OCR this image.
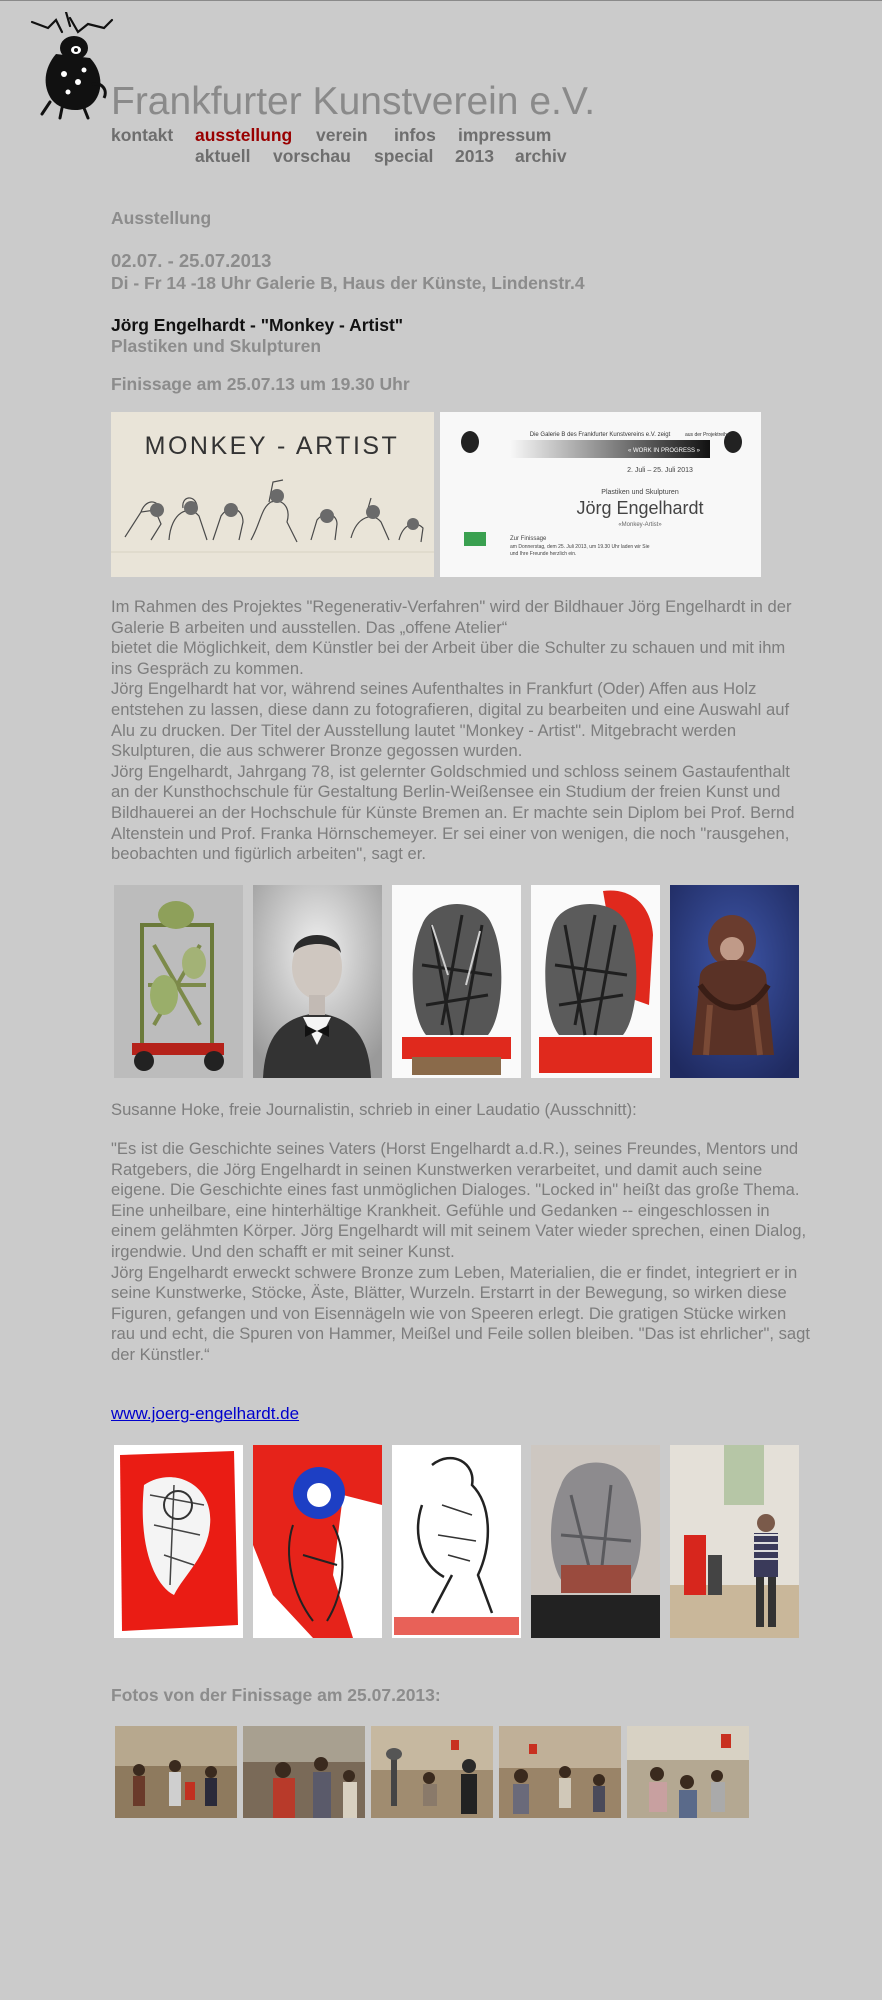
Frankfurter Kunstverein e.V.
kontakt ausstellung verein infos impressum
aktuell vorschau special 2013 archiv
Ausstellung

02.07. - 25.07.2013

Di - Fr 14 -18 Uhr Galerie B, Haus der Künste, Lindenstr.4

Jörg Engelhardt - "Monkey - Artist"

Plastiken und Skulpturen

Finissage am 25.07.13 um 19.30 Uhr

MONKEY - ARTIST	Die Galerie B des Frankfurter Kunstvereins e.V. zeigt	aus der Projektreihe
« WORK IN PROGRESS »
2. Juli – 25. Juli 2013
Plastiken und Skulpturen
Jörg Engelhardt
«Monkey-Artist»
Zur Finissage
am Donnerstag, dem 25. Juli 2013, um 19.30 Uhr laden wir Sie
und Ihre Freunde herzlich ein.

Im Rahmen des Projektes "Regenerativ-Verfahren" wird der Bildhauer Jörg Engelhardt in der Galerie B arbeiten und ausstellen. Das „offene Atelier“

bietet die Möglichkeit, dem Künstler bei der Arbeit über die Schulter zu schauen und mit ihm ins Gespräch zu kommen.

Jörg Engelhardt hat vor, während seines Aufenthaltes in Frankfurt (Oder) Affen aus Holz entstehen zu lassen, diese dann zu fotografieren, digital zu bearbeiten und eine Auswahl auf Alu zu drucken. Der Titel der Ausstellung lautet "Monkey - Artist". Mitgebracht werden Skulpturen, die aus schwerer Bronze gegossen wurden.

Jörg Engelhardt, Jahrgang 78, ist gelernter Goldschmied und schloss seinem Gastaufenthalt an der Kunsthochschule für Gestaltung Berlin-Weißensee ein Studium der freien Kunst und Bildhauerei an der Hochschule für Künste Bremen an. Er machte sein Diplom bei Prof. Bernd Altenstein und Prof. Franka Hörnschemeyer. Er sei einer von wenigen, die noch "rausgehen, beobachten und figürlich arbeiten", sagt er.

Susanne Hoke, freie Journalistin, schrieb in einer Laudatio (Ausschnitt):

"Es ist die Geschichte seines Vaters (Horst Engelhardt a.d.R.), seines Freundes, Mentors und Ratgebers, die Jörg Engelhardt in seinen Kunstwerken verarbeitet, und damit auch seine eigene. Die Geschichte eines fast unmöglichen Dialoges. "Locked in" heißt das große Thema. Eine unheilbare, eine hinterhältige Krankheit. Gefühle und Gedanken -- eingeschlossen in einem gelähmten Körper. Jörg Engelhardt will mit seinem Vater wieder sprechen, einen Dialog, irgendwie. Und den schafft er mit seiner Kunst.

Jörg Engelhardt erweckt schwere Bronze zum Leben, Materialien, die er findet, integriert er in seine Kunstwerke, Stöcke, Äste, Blätter, Wurzeln. Erstarrt in der Bewegung, so wirken diese Figuren, gefangen und von Eisennägeln wie von Speeren erlegt. Die gratigen Stücke wirken rau und echt, die Spuren von Hammer, Meißel und Feile sollen bleiben. "Das ist ehrlicher", sagt der Künstler.“

www.joerg-engelhardt.de
Fotos von der Finissage am 25.07.2013:
